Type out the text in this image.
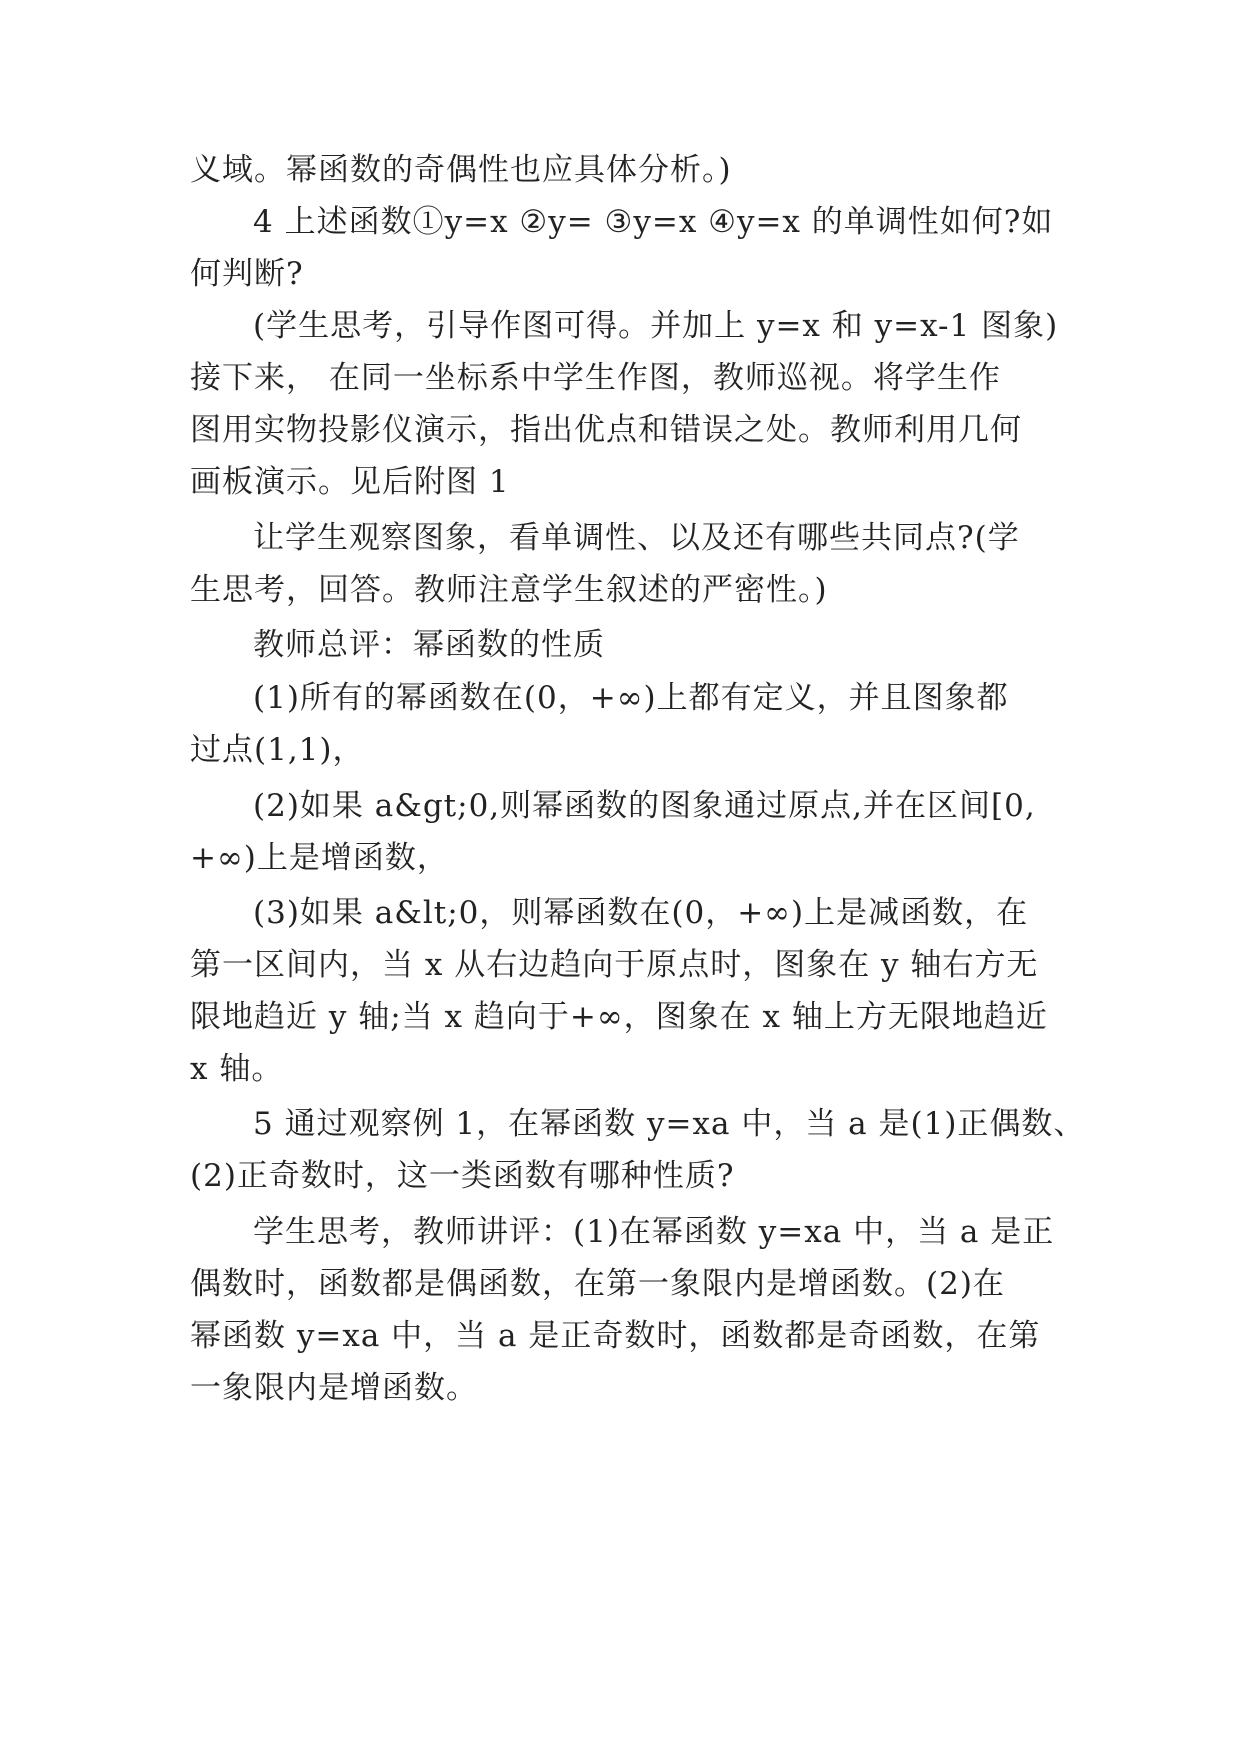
义域。幂函数的奇偶性也应具体分析。)
4 上述函数①y=x ②y= ③y=x ④y=x 的单调性如何?如
何判断?
(学生思考，引导作图可得。并加上 y=x 和 y=x-1 图象)
接下来， 在同一坐标系中学生作图，教师巡视。将学生作
图用实物投影仪演示，指出优点和错误之处。教师利用几何
画板演示。见后附图 1
让学生观察图象，看单调性、以及还有哪些共同点?(学
生思考，回答。教师注意学生叙述的严密性。)
教师总评：幂函数的性质
(1)所有的幂函数在(0，+∞)上都有定义，并且图象都
过点(1,1)，
(2)如果 a&gt;0,则幂函数的图象通过原点,并在区间[0,
+∞)上是增函数，
(3)如果 a&lt;0，则幂函数在(0，+∞)上是减函数，在
第一区间内，当 x 从右边趋向于原点时，图象在 y 轴右方无
限地趋近 y 轴;当 x 趋向于+∞，图象在 x 轴上方无限地趋近
x 轴。
5 通过观察例 1，在幂函数 y=xa 中，当 a 是(1)正偶数、
(2)正奇数时，这一类函数有哪种性质?
学生思考，教师讲评：(1)在幂函数 y=xa 中，当 a 是正
偶数时，函数都是偶函数，在第一象限内是增函数。(2)在
幂函数 y=xa 中，当 a 是正奇数时，函数都是奇函数，在第
一象限内是增函数。
